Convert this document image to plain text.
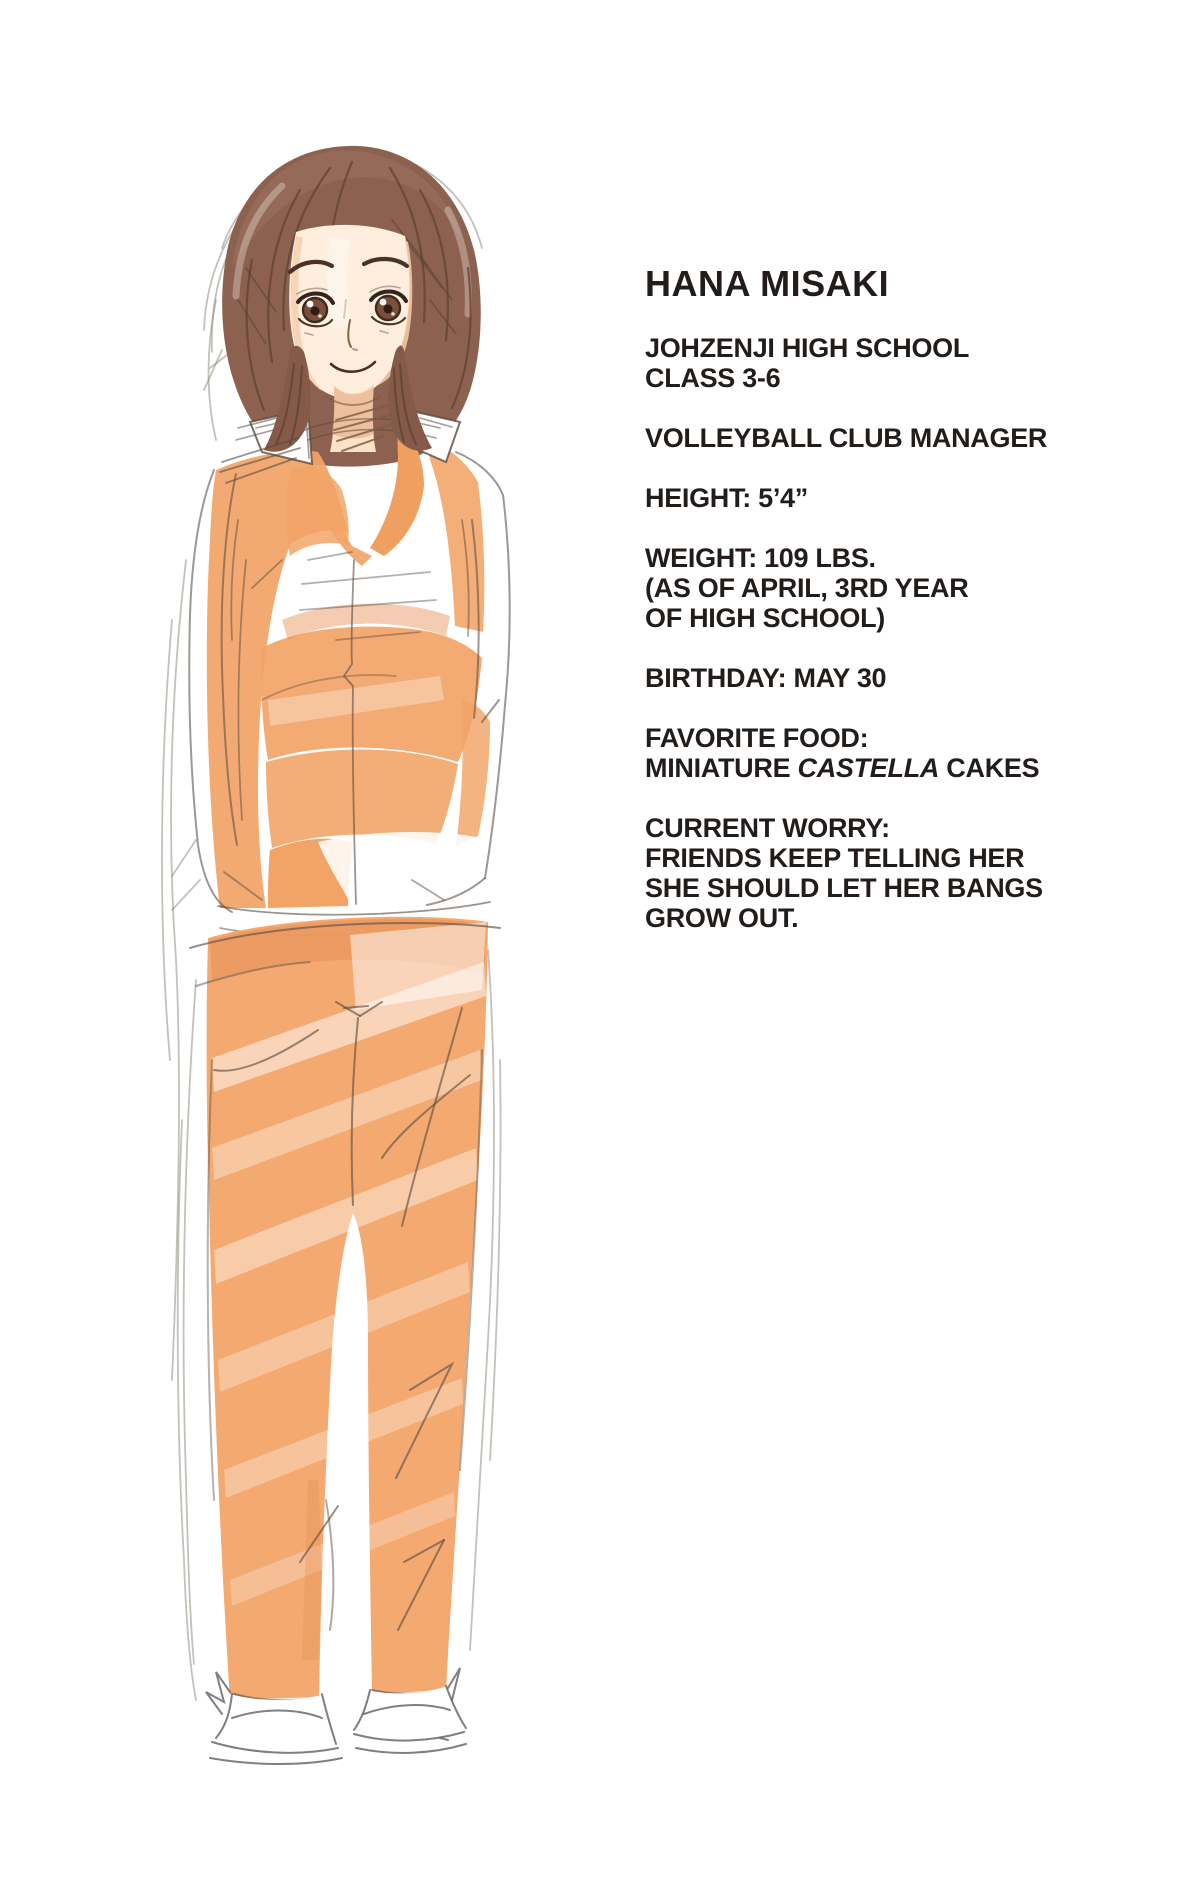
HANA MISAKI
JOHZENJI HIGH SCHOOL
CLASS 3-6
VOLLEYBALL CLUB MANAGER
HEIGHT: 5’4”
WEIGHT: 109 LBS.
(AS OF APRIL, 3RD YEAR
OF HIGH SCHOOL)
BIRTHDAY: MAY 30
FAVORITE FOOD:
MINIATURE CASTELLA CAKES
CURRENT WORRY:
FRIENDS KEEP TELLING HER
SHE SHOULD LET HER BANGS
GROW OUT.
